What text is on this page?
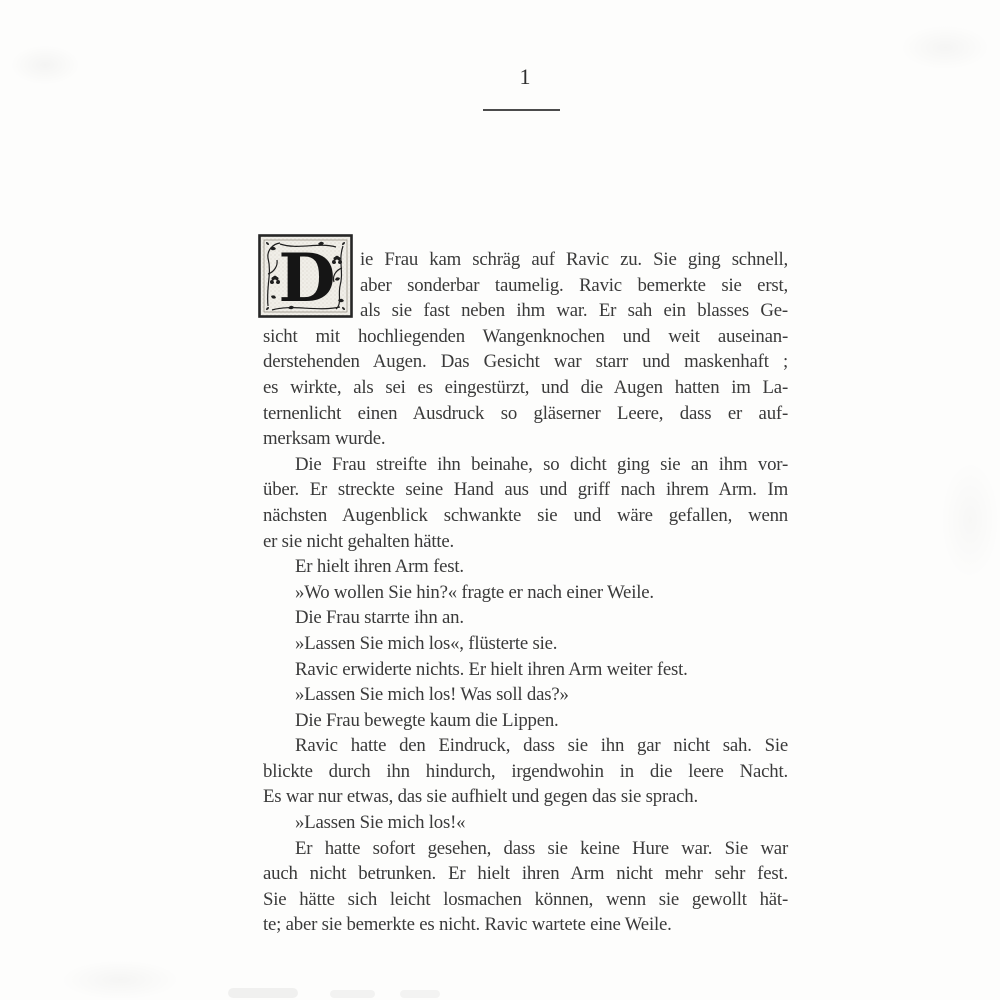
1
D	ie Frau kam schräg auf Ravic zu. Sie ging schnell,
aber sonderbar taumelig. Ravic bemerkte sie erst,
als sie fast neben ihm war. Er sah ein blasses Ge-
sicht mit hochliegenden Wangenknochen und weit auseinan-
derstehenden Augen. Das Gesicht war starr und maskenhaft ;
es wirkte, als sei es eingestürzt, und die Augen hatten im La-
ternenlicht einen Ausdruck so gläserner Leere, dass er auf-
merksam wurde.
Die Frau streifte ihn beinahe, so dicht ging sie an ihm vor-
über. Er streckte seine Hand aus und griff nach ihrem Arm. Im
nächsten Augenblick schwankte sie und wäre gefallen, wenn
er sie nicht gehalten hätte.
Er hielt ihren Arm fest.
»Wo wollen Sie hin?« fragte er nach einer Weile.
Die Frau starrte ihn an.
»Lassen Sie mich los«, flüsterte sie.
Ravic erwiderte nichts. Er hielt ihren Arm weiter fest.
»Lassen Sie mich los! Was soll das?»
Die Frau bewegte kaum die Lippen.
Ravic hatte den Eindruck, dass sie ihn gar nicht sah. Sie
blickte durch ihn hindurch, irgendwohin in die leere Nacht.
Es war nur etwas, das sie aufhielt und gegen das sie sprach.
»Lassen Sie mich los!«
Er hatte sofort gesehen, dass sie keine Hure war. Sie war
auch nicht betrunken. Er hielt ihren Arm nicht mehr sehr fest.
Sie hätte sich leicht losmachen können, wenn sie gewollt hät-
te; aber sie bemerkte es nicht. Ravic wartete eine Weile.
